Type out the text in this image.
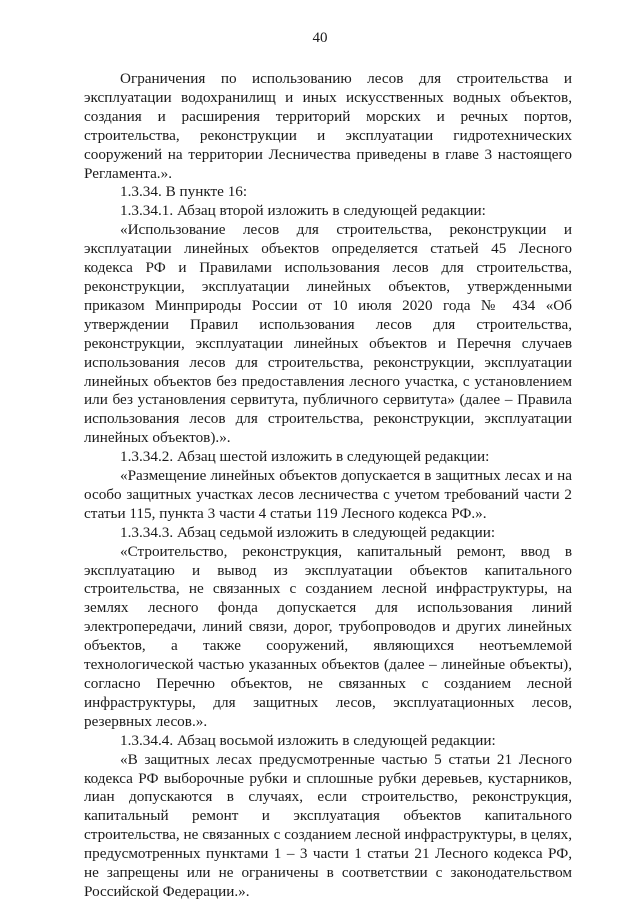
40

Ограничения по использованию лесов для строительства и эксплуатации водохранилищ и иных искусственных водных объектов, создания и расширения территорий морских и речных портов, строительства, реконструкции и эксплуатации гидротехнических сооружений на территории Лесничества приведены в главе 3 настоящего Регламента.».

1.3.34. В пункте 16:

1.3.34.1. Абзац второй изложить в следующей редакции:

«Использование лесов для строительства, реконструкции и эксплуатации линейных объектов определяется статьей 45 Лесного кодекса РФ и Правилами использования лесов для строительства, реконструкции, эксплуатации линейных объектов, утвержденными приказом Минприроды России от 10 июля 2020 года № 434 «Об утверждении Правил использования лесов для строительства, реконструкции, эксплуатации линейных объектов и Перечня случаев использования лесов для строительства, реконструкции, эксплуатации линейных объектов без предоставления лесного участка, с установлением или без установления сервитута, публичного сервитута» (далее – Правила использования лесов для строительства, реконструкции, эксплуатации линейных объектов).».

1.3.34.2. Абзац шестой изложить в следующей редакции:

«Размещение линейных объектов допускается в защитных лесах и на особо защитных участках лесов лесничества с учетом требований части 2 статьи 115, пункта 3 части 4 статьи 119 Лесного кодекса РФ.».

1.3.34.3. Абзац седьмой изложить в следующей редакции:

«Строительство, реконструкция, капитальный ремонт, ввод в эксплуатацию и вывод из эксплуатации объектов капитального строительства, не связанных с созданием лесной инфраструктуры, на землях лесного фонда допускается для использования линий электропередачи, линий связи, дорог, трубопроводов и других линейных объектов, а также сооружений, являющихся неотъемлемой технологической частью указанных объектов (далее – линейные объекты), согласно Перечню объектов, не связанных с созданием лесной инфраструктуры, для защитных лесов, эксплуатационных лесов, резервных лесов.».

1.3.34.4. Абзац восьмой изложить в следующей редакции:

«В защитных лесах предусмотренные частью 5 статьи 21 Лесного кодекса РФ выборочные рубки и сплошные рубки деревьев, кустарников, лиан допускаются в случаях, если строительство, реконструкция, капитальный ремонт и эксплуатация объектов капитального строительства, не связанных с созданием лесной инфраструктуры, в целях, предусмотренных пунктами 1 – 3 части 1 статьи 21 Лесного кодекса РФ, не запрещены или не ограничены в соответствии с законодательством Российской Федерации.».
